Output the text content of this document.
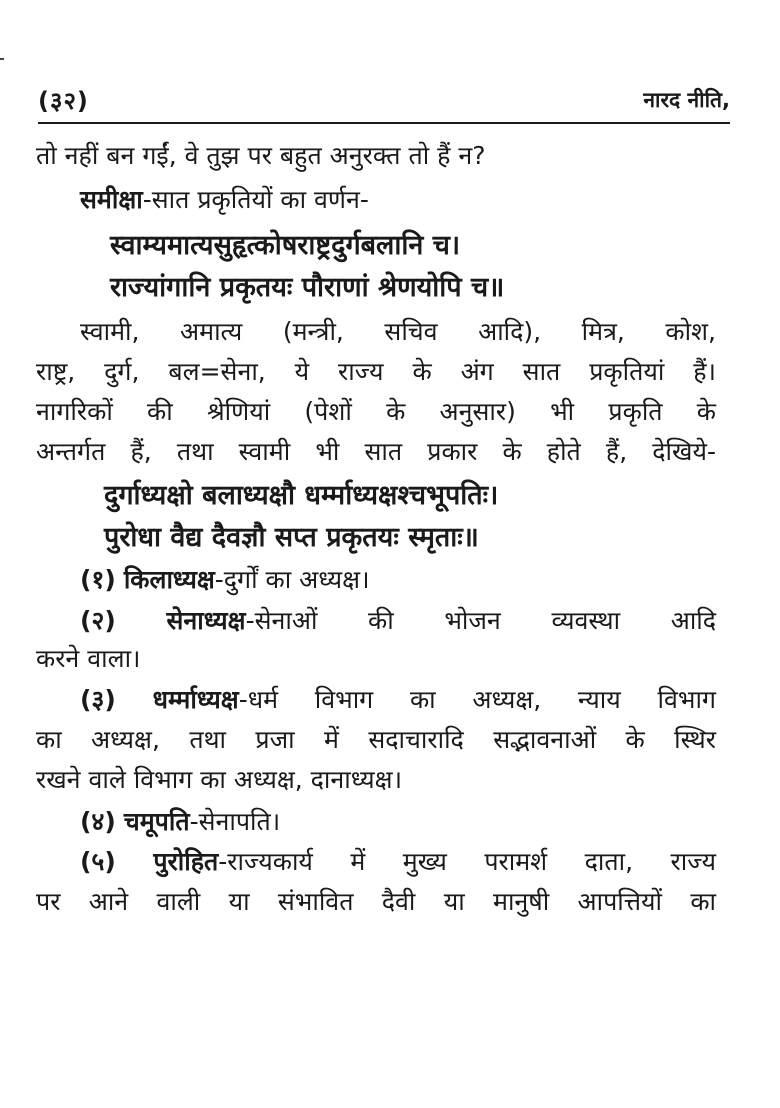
(३२)	नारद नीति,
तो नहीं बन गईं, वे तुझ पर बहुत अनुरक्त तो हैं न?
समीक्षा-सात प्रकृतियों का वर्णन-
स्वाम्यमात्यसुहृत्कोषराष्ट्रदुर्गबलानि च।
राज्यांगानि प्रकृतयः पौराणां श्रेणयोपि च॥
स्वामी, अमात्य (मन्त्री, सचिव आदि), मित्र, कोश,
राष्ट्र, दुर्ग, बल=सेना, ये राज्य के अंग सात प्रकृतियां हैं।
नागरिकों की श्रेणियां (पेशों के अनुसार) भी प्रकृति के
अन्तर्गत हैं, तथा स्वामी भी सात प्रकार के होते हैं, देखिये-
दुर्गाध्यक्षो बलाध्यक्षौ धर्म्माध्यक्षश्चभूपतिः।
पुरोधा वैद्य दैवज्ञौ सप्त प्रकृतयः स्मृताः॥
(१) किलाध्यक्ष-दुर्गों का अध्यक्ष।
(२) सेनाध्यक्ष-सेनाओं की भोजन व्यवस्था आदि
करने वाला।
(३) धर्म्माध्यक्ष-धर्म विभाग का अध्यक्ष, न्याय विभाग
का अध्यक्ष, तथा प्रजा में सदाचारादि सद्भावनाओं के स्थिर
रखने वाले विभाग का अध्यक्ष, दानाध्यक्ष।
(४) चमूपति-सेनापति।
(५) पुरोहित-राज्यकार्य में मुख्य परामर्श दाता, राज्य
पर आने वाली या संभावित दैवी या मानुषी आपत्तियों का
